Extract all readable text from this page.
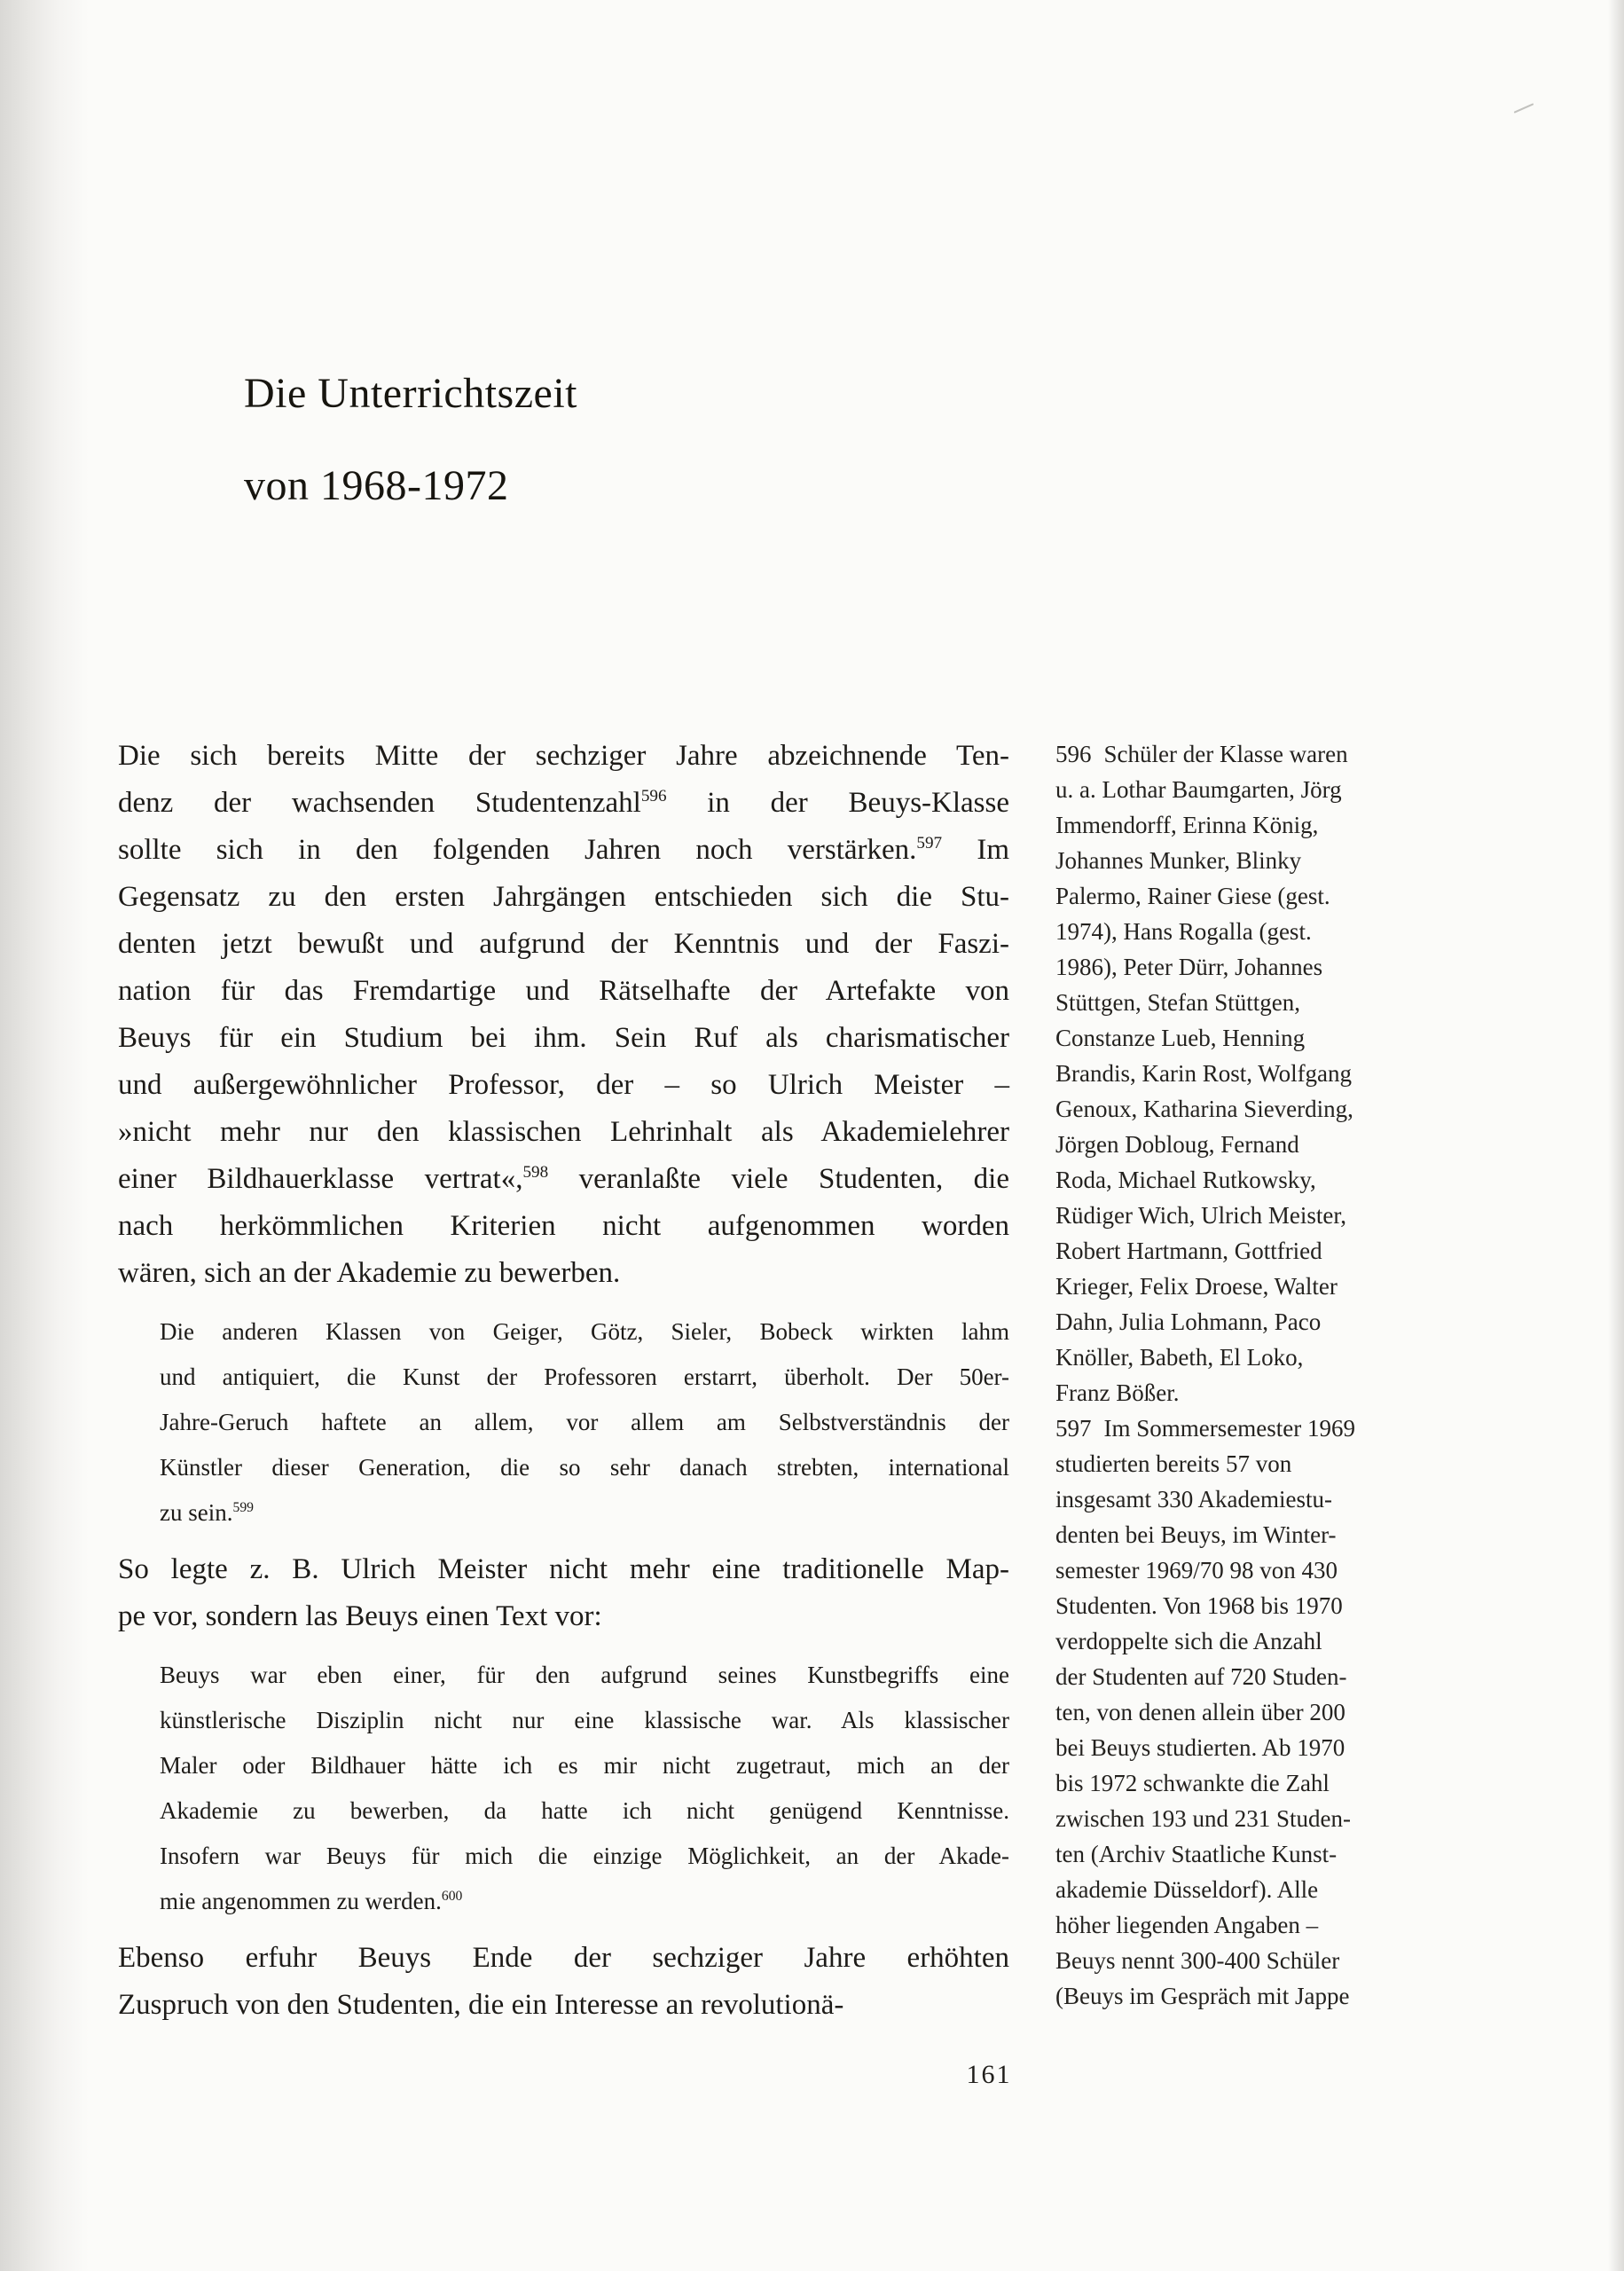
Die Unterrichtszeit
von 1968-1972
Die sich bereits Mitte der sechziger Jahre abzeichnende Ten-
denz der wachsenden Studentenzahl$^{596}$ in der Beuys-Klasse
sollte sich in den folgenden Jahren noch verstärken.$^{597}$ Im
Gegensatz zu den ersten Jahrgängen entschieden sich die Stu-
denten jetzt bewußt und aufgrund der Kenntnis und der Faszi-
nation für das Fremdartige und Rätselhafte der Artefakte von
Beuys für ein Studium bei ihm. Sein Ruf als charismatischer
und außergewöhnlicher Professor, der – so Ulrich Meister –
»nicht mehr nur den klassischen Lehrinhalt als Akademielehrer
einer Bildhauerklasse vertrat«,$^{598}$ veranlaßte viele Studenten, die
nach herkömmlichen Kriterien nicht aufgenommen worden
wären, sich an der Akademie zu bewerben.
Die anderen Klassen von Geiger, Götz, Sieler, Bobeck wirkten lahm
und antiquiert, die Kunst der Professoren erstarrt, überholt. Der 50er-
Jahre-Geruch haftete an allem, vor allem am Selbstverständnis der
Künstler dieser Generation, die so sehr danach strebten, international
zu sein.$^{599}$
So legte z. B. Ulrich Meister nicht mehr eine traditionelle Map-
pe vor, sondern las Beuys einen Text vor:
Beuys war eben einer, für den aufgrund seines Kunstbegriffs eine
künstlerische Disziplin nicht nur eine klassische war. Als klassischer
Maler oder Bildhauer hätte ich es mir nicht zugetraut, mich an der
Akademie zu bewerben, da hatte ich nicht genügend Kenntnisse.
Insofern war Beuys für mich die einzige Möglichkeit, an der Akade-
mie angenommen zu werden.$^{600}$
Ebenso erfuhr Beuys Ende der sechziger Jahre erhöhten
Zuspruch von den Studenten, die ein Interesse an revolutionä-
596 Schüler der Klasse waren
u. a. Lothar Baumgarten, Jörg
Immendorff, Erinna König,
Johannes Munker, Blinky
Palermo, Rainer Giese (gest.
1974), Hans Rogalla (gest.
1986), Peter Dürr, Johannes
Stüttgen, Stefan Stüttgen,
Constanze Lueb, Henning
Brandis, Karin Rost, Wolfgang
Genoux, Katharina Sieverding,
Jörgen Dobloug, Fernand
Roda, Michael Rutkowsky,
Rüdiger Wich, Ulrich Meister,
Robert Hartmann, Gottfried
Krieger, Felix Droese, Walter
Dahn, Julia Lohmann, Paco
Knöller, Babeth, El Loko,
Franz Bößer.
597 Im Sommersemester 1969
studierten bereits 57 von
insgesamt 330 Akademiestu-
denten bei Beuys, im Winter-
semester 1969/70 98 von 430
Studenten. Von 1968 bis 1970
verdoppelte sich die Anzahl
der Studenten auf 720 Studen-
ten, von denen allein über 200
bei Beuys studierten. Ab 1970
bis 1972 schwankte die Zahl
zwischen 193 und 231 Studen-
ten (Archiv Staatliche Kunst-
akademie Düsseldorf). Alle
höher liegenden Angaben –
Beuys nennt 300-400 Schüler
(Beuys im Gespräch mit Jappe
161
